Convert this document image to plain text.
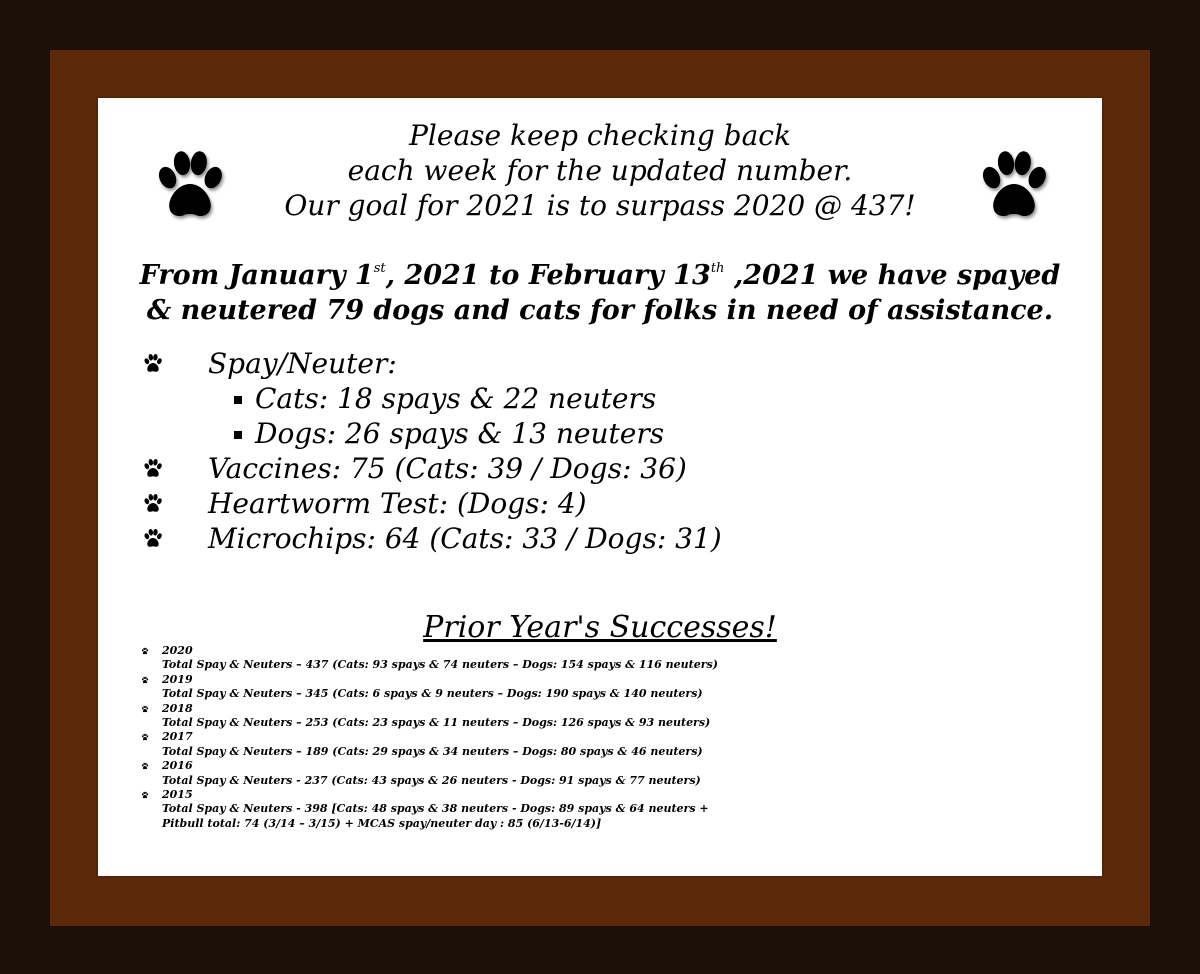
Please keep checking back
each week for the updated number.
Our goal for 2021 is to surpass 2020 @ 437!
From January 1st, 2021 to February 13th ,2021 we have spayed
& neutered 79 dogs and cats for folks in need of assistance.
Spay/Neuter:
Cats: 18 spays & 22 neuters
Dogs: 26 spays & 13 neuters
Vaccines: 75 (Cats: 39 / Dogs: 36)
Heartworm Test: (Dogs: 4)
Microchips: 64 (Cats: 33 / Dogs: 31)
Prior Year's Successes!
2020
Total Spay & Neuters – 437 (Cats: 93 spays & 74 neuters – Dogs: 154 spays & 116 neuters)
2019
Total Spay & Neuters – 345 (Cats: 6 spays & 9 neuters – Dogs: 190 spays & 140 neuters)
2018
Total Spay & Neuters – 253 (Cats: 23 spays & 11 neuters – Dogs: 126 spays & 93 neuters)
2017
Total Spay & Neuters – 189 (Cats: 29 spays & 34 neuters – Dogs: 80 spays & 46 neuters)
2016
Total Spay & Neuters - 237 (Cats: 43 spays & 26 neuters - Dogs: 91 spays & 77 neuters)
2015
Total Spay & Neuters - 398 [Cats: 48 spays & 38 neuters - Dogs: 89 spays & 64 neuters +
Pitbull total: 74 (3/14 – 3/15) + MCAS spay/neuter day : 85 (6/13-6/14)]
